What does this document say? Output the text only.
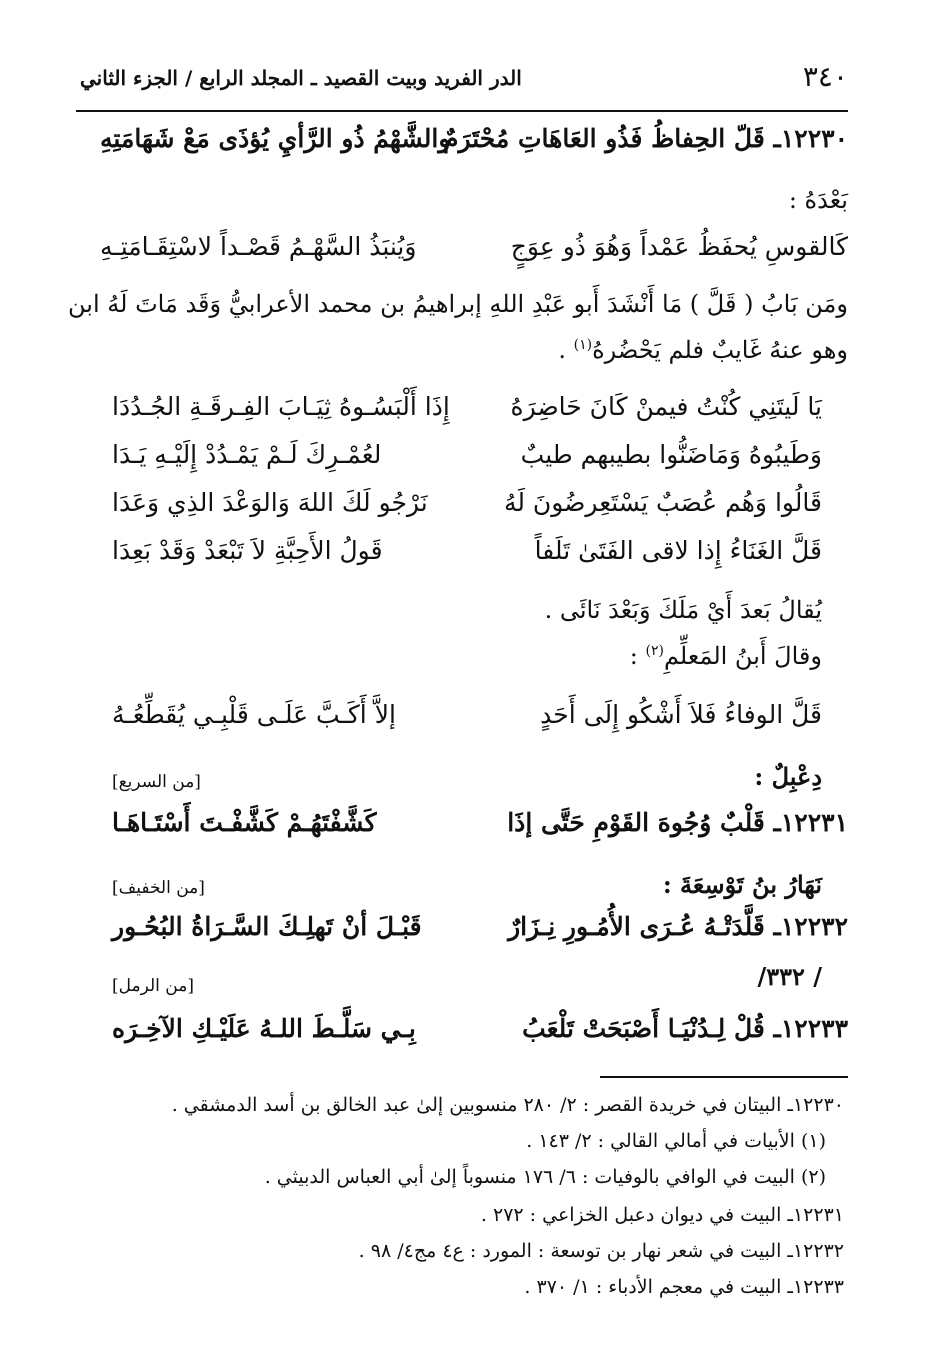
٣٤٠
الدر الفريد وبيت القصيد ـ المجلد الرابع / الجزء الثاني
١٢٢٣٠ـ قَلّ الحِفاظُ فَذُو العَاهَاتِ مُحْتَرَمٌ
والشَّهْمُ ذُو الرَّأيِ يُؤذَى مَعْ شَهَامَتِهِ
بَعْدَهُ :
كَالقوسِ يُحفَظُ عَمْداً وَهُوَ ذُو عِوَجٍ
وَيُنبَذُ السَّهْـمُ قَصْـداً لاسْتِقَـامَتِـهِ
ومَن بَابُ ( قَلَّ ) مَا أَنْشَدَ أَبو عَبْدِ اللهِ إبراهيمُ بن محمد الأعرابيُّ وَقَد مَاتَ لَهُ ابن
وهو عنهُ غَايبٌ فلم يَحْضُرهُ$^{(١)}$ .
يَا لَيتَنِي كُنْتُ فيمنْ كَانَ حَاضِرَهُ
إِذَا أَلْبَسُـوهُ ثِيَـابَ الفِـرقَـةِ الجُـدُدَا
وَطَيبُوهُ وَمَاضَنُّوا بطيبهم طيبٌ
لعُمْـرِكَ لَـمْ يَمْـدُدْ إِلَيْـهِ يَـدَا
قَالُوا وَهُم عُصَبٌ يَسْتَعِرضُونَ لَهُ
نَرْجُو لَكَ اللهَ وَالوَعْدَ الذِي وَعَدَا
قَلَّ الغَنَاءُ إِذا لاقى الفَتَىٰ تَلَفاً
قَولُ الأَحِبَّةِ لاَ تَبْعَدْ وَقَدْ بَعِدَا
يُقالُ بَعدَ أَيْ مَلَكَ وَبَعْدَ نَائَى .
وقالَ أَبنُ المَعلِّمِ$^{(٢)}$ :
قَلَّ الوفاءُ فَلاَ أَشْكُو إِلَى أَحَدٍ
إلاَّ أَكَـبَّ عَلَـى قَلْبِـي يُقَطِّعُـهُ
دِعْبِلٌ :
[من السريع]
١٢٢٣١ـ قَلْبٌ وُجُوهَ القَوْمِ حَتَّى إذَا
كَشَّفْتَهُـمْ كَشَّفْـتَ أَسْتَـاهَـا
نَهَارُ بنُ تَوْسِعَةَ :
[من الخفيف]
١٢٢٣٢ـ قَلَّدَتْـهُ عُـرَى الأُمُـورِ نِـزَارٌ
قَبْـلَ أنْ تَهلِـكَ السَّـرَاةُ البُحُـور
/ ٣٣٢/
[من الرمل]
١٢٢٣٣ـ قُلْ لِـدُنْيَـا أَصْبَحَتْ تَلْعَبُ
بِـي سَلَّـطَ اللـهُ عَلَيْـكِ الآخِـرَه
١٢٢٣٠ـ البيتان في خريدة القصر : ٢/ ٢٨٠ منسوبين إلىٰ عبد الخالق بن أسد الدمشقي .
(١) الأبيات في أمالي القالي : ٢/ ١٤٣ .
(٢) البيت في الوافي بالوفيات : ٦/ ١٧٦ منسوباً إلىٰ أبي العباس الدبيثي .
١٢٢٣١ـ البيت في ديوان دعبل الخزاعي : ٢٧٢ .
١٢٢٣٢ـ البيت في شعر نهار بن توسعة : المورد : ع٤ مج٤/ ٩٨ .
١٢٢٣٣ـ البيت في معجم الأدباء : ١/ ٣٧٠ .
